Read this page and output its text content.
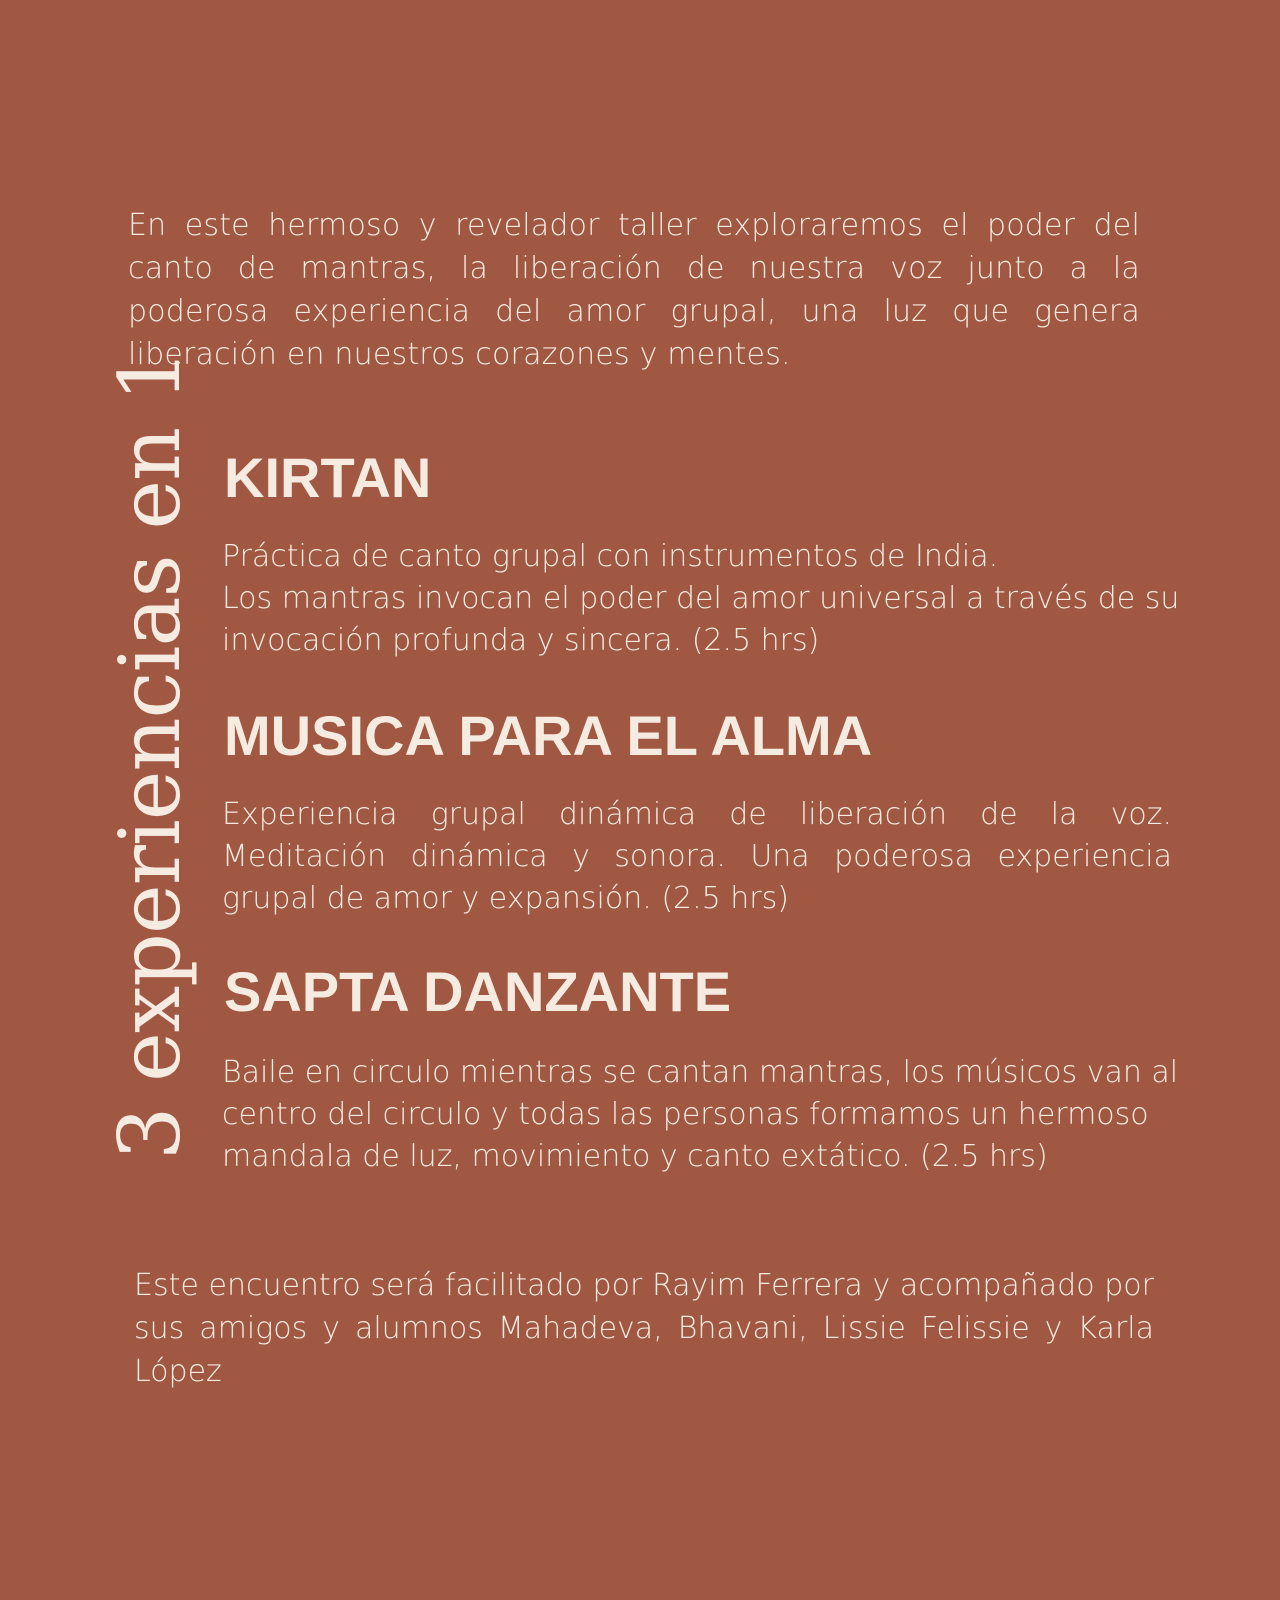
En este hermoso y revelador taller exploraremos el poder del canto de mantras, la liberación de nuestra voz junto a la poderosa experiencia del amor grupal, una luz que genera liberación en nuestros corazones y mentes.

3 experiencias en 1 KIRTAN

Práctica de canto grupal con instrumentos de India.
Los mantras invocan el poder del amor universal a través de su invocación profunda y sincera. (2.5 hrs)

MUSICA PARA EL ALMA

Experiencia grupal dinámica de liberación de la voz. Meditación dinámica y sonora. Una poderosa experiencia grupal de amor y expansión. (2.5 hrs)

SAPTA DANZANTE

Baile en circulo mientras se cantan mantras, los músicos van al centro del circulo y todas las personas formamos un hermoso mandala de luz, movimiento y canto extático. (2.5 hrs)

Este encuentro será facilitado por Rayim Ferrera y acompañado por sus amigos y alumnos Mahadeva, Bhavani, Lissie Felissie y Karla López
